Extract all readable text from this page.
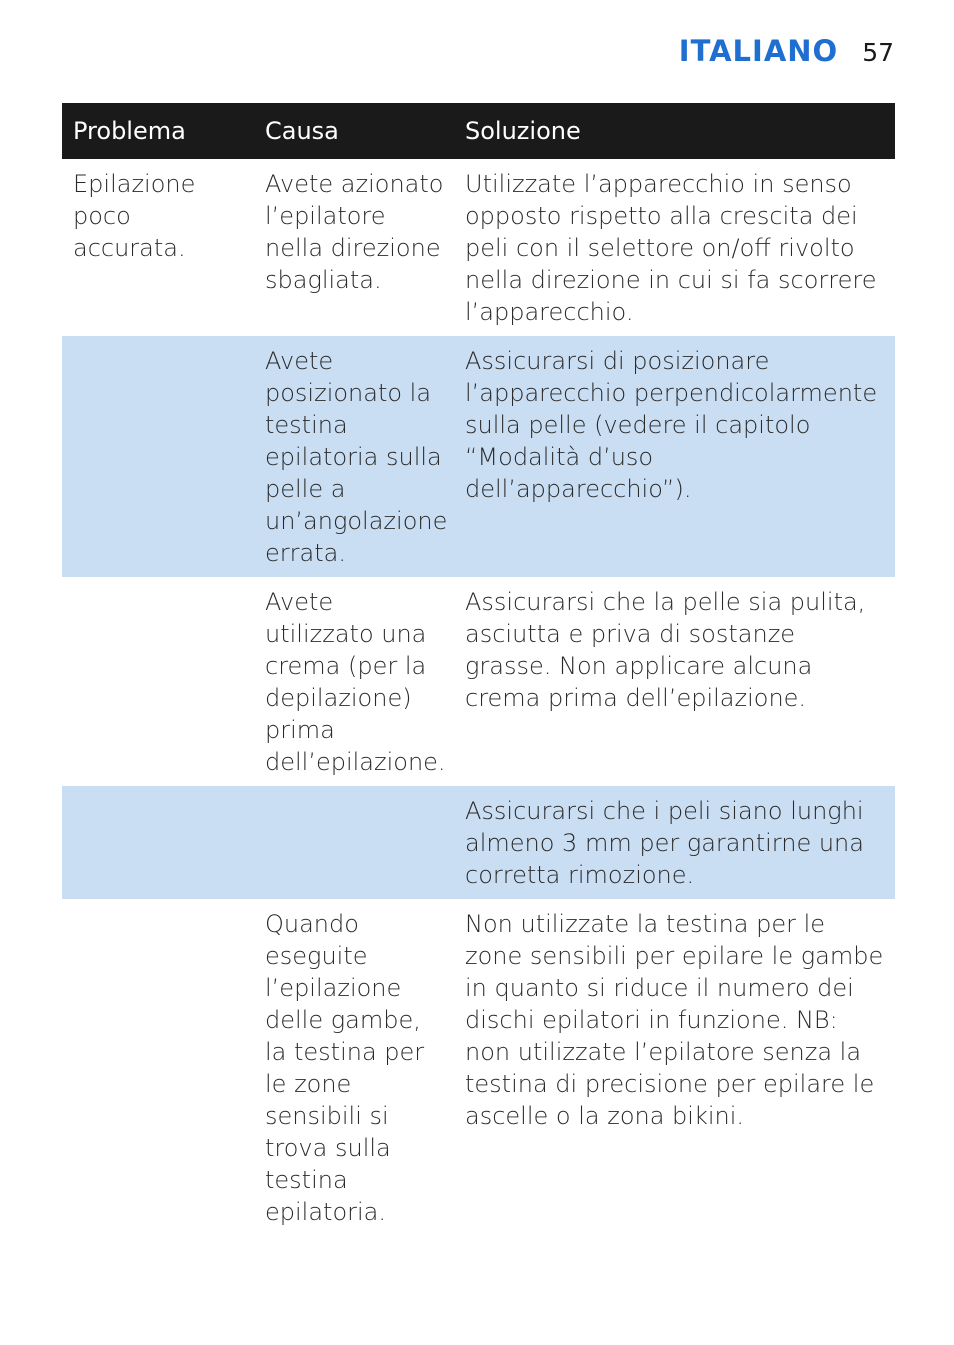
ITALIANO 57
Problema	Causa	Soluzione
Epilazione poco accurata.	Avete azionato l’epilatore nella direzione sbagliata.	Utilizzate l’apparecchio in senso opposto rispetto alla crescita dei peli con il selettore on/off rivolto nella direzione in cui si fa scorrere l’apparecchio.
	Avete posizionato la testina epilatoria sulla pelle a un’angolazione errata.	Assicurarsi di posizionare l’apparecchio perpendicolarmente sulla pelle (vedere il capitolo “Modalità d’uso dell’apparecchio”).
	Avete utilizzato una crema (per la depilazione) prima dell’epilazione.	Assicurarsi che la pelle sia pulita, asciutta e priva di sostanze grasse. Non applicare alcuna crema prima dell’epilazione.
		Assicurarsi che i peli siano lunghi almeno 3 mm per garantirne una corretta rimozione.
	Quando eseguite l’epilazione delle gambe, la testina per le zone sensibili si trova sulla testina epilatoria.	Non utilizzate la testina per le zone sensibili per epilare le gambe in quanto si riduce il numero dei dischi epilatori in funzione. NB: non utilizzate l’epilatore senza la testina di precisione per epilare le ascelle o la zona bikini.
